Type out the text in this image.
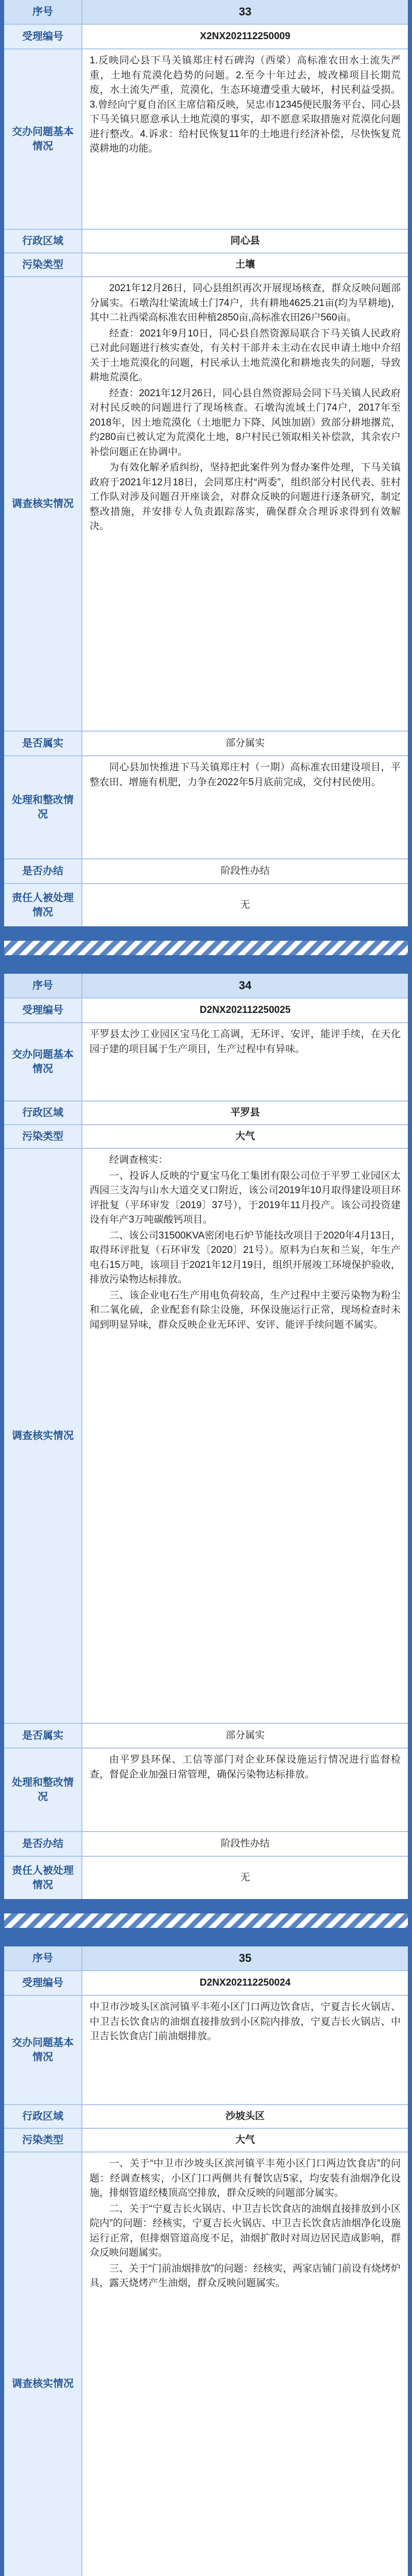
序号	33
受理编号	X2NX202112250009
交办问题基本情况
1.反映同心县下马关镇郑庄村石碑沟（西梁）高标准农田水土流失严重，土地有荒漠化趋势的问题。2.至今十年过去，坡改梯项目长期荒废，水土流失严重，荒漠化，生态环境遭受重大破坏，村民利益受损。3.曾经向宁夏自治区主席信箱反映，吴忠市12345便民服务平台、同心县下马关镇只愿意承认土地荒漠的事实，却不愿意采取措施对荒漠化问题进行整改。4.诉求：给村民恢复11年的土地进行经济补偿，尽快恢复荒漠耕地的功能。
行政区域	同心县
污染类型	土壤
调查核实情况

2021年12月26日，同心县组织再次开展现场核查，群众反映问题部分属实。石墩沟壮梁流域土门74户，共有耕地4625.21亩(均为旱耕地)，其中二社西梁高标准农田种植2850亩,高标准农田26户560亩。

经查：2021年9月10日，同心县自然资源局联合下马关镇人民政府已对此问题进行核实查处，有关村干部并未主动在农民申请土地中介绍关于土地荒漠化的问题，村民承认土地荒漠化和耕地丧失的问题，导致耕地荒漠化。

经查：2021年12月26日，同心县自然资源局会同下马关镇人民政府对村民反映的问题进行了现场核查。石墩沟流域土门74户，2017年至2018年，因土地荒漠化（土地肥力下降、风蚀加剧）致部分耕地撂荒，约280亩已被认定为荒漠化土地，8户村民已领取相关补偿款，其余农户补偿问题正在协调中。

为有效化解矛盾纠纷，坚持把此案件列为督办案件处理，下马关镇政府于2021年12月18日，会同郑庄村“两委”，组织部分村民代表、驻村工作队对涉及问题召开座谈会，对群众反映的问题进行逐条研究，制定整改措施，并安排专人负责跟踪落实，确保群众合理诉求得到有效解决。

是否属实	部分属实
处理和整改情况
同心县加快推进下马关镇郑庄村（一期）高标准农田建设项目，平整农田、增施有机肥，力争在2022年5月底前完成，交付村民使用。
是否办结	阶段性办结
责任人被处理情况
无
序号	34
受理编号	D2NX202112250025
交办问题基本情况
平罗县太沙工业园区宝马化工高调，无环评、安评，能评手续，在天化园子建的项目属于生产项目，生产过程中有异味。
行政区域	平罗县
污染类型	大气
调查核实情况

经调查核实：

一、投诉人反映的宁夏宝马化工集团有限公司位于平罗工业园区太西园三支沟与山水大道交叉口附近，该公司2019年10月取得建设项目环评批复（平环审发〔2019〕37号），于2019年11月投产。该公司投资建设有年产3万吨碳酸钙项目。

二、该公司31500KVA密闭电石炉节能技改项目于2020年4月13日，取得环评批复（石环审发〔2020〕21号）。原料为白灰和兰炭，年生产电石15万吨，该项目于2021年12月19日，组织开展竣工环境保护验收，排放污染物达标排放。

三、该企业电石生产用电负荷较高，生产过程中主要污染物为粉尘和二氧化硫，企业配套有除尘设施，环保设施运行正常，现场检查时未闻到明显异味，群众反映企业无环评、安评、能评手续问题不属实。

是否属实	部分属实
处理和整改情况
由平罗县环保、工信等部门对企业环保设施运行情况进行监督检查，督促企业加强日常管理，确保污染物达标排放。
是否办结	阶段性办结
责任人被处理情况
无
序号	35
受理编号	D2NX202112250024
交办问题基本情况
中卫市沙坡头区滨河镇平丰苑小区门口两边饮食店，宁夏吉长火锅店、中卫吉长饮食店的油烟直接排放到小区院内排放，宁夏吉长火锅店、中卫吉长饮食店门前油烟排放。
行政区域	沙坡头区
污染类型	大气
调查核实情况

一、关于“中卫市沙坡头区滨河镇平丰苑小区门口两边饮食店”的问题：经调查核实，小区门口两侧共有餐饮店5家，均安装有油烟净化设施，排烟管道经楼顶高空排放，群众反映的问题部分属实。

二、关于“宁夏吉长火锅店、中卫吉长饮食店的油烟直接排放到小区院内”的问题：经核实，宁夏吉长火锅店、中卫吉长饮食店油烟净化设施运行正常，但排烟管道高度不足，油烟扩散时对周边居民造成影响，群众反映问题属实。

三、关于“门前油烟排放”的问题：经核实，两家店铺门前设有烧烤炉具，露天烧烤产生油烟，群众反映问题属实。
